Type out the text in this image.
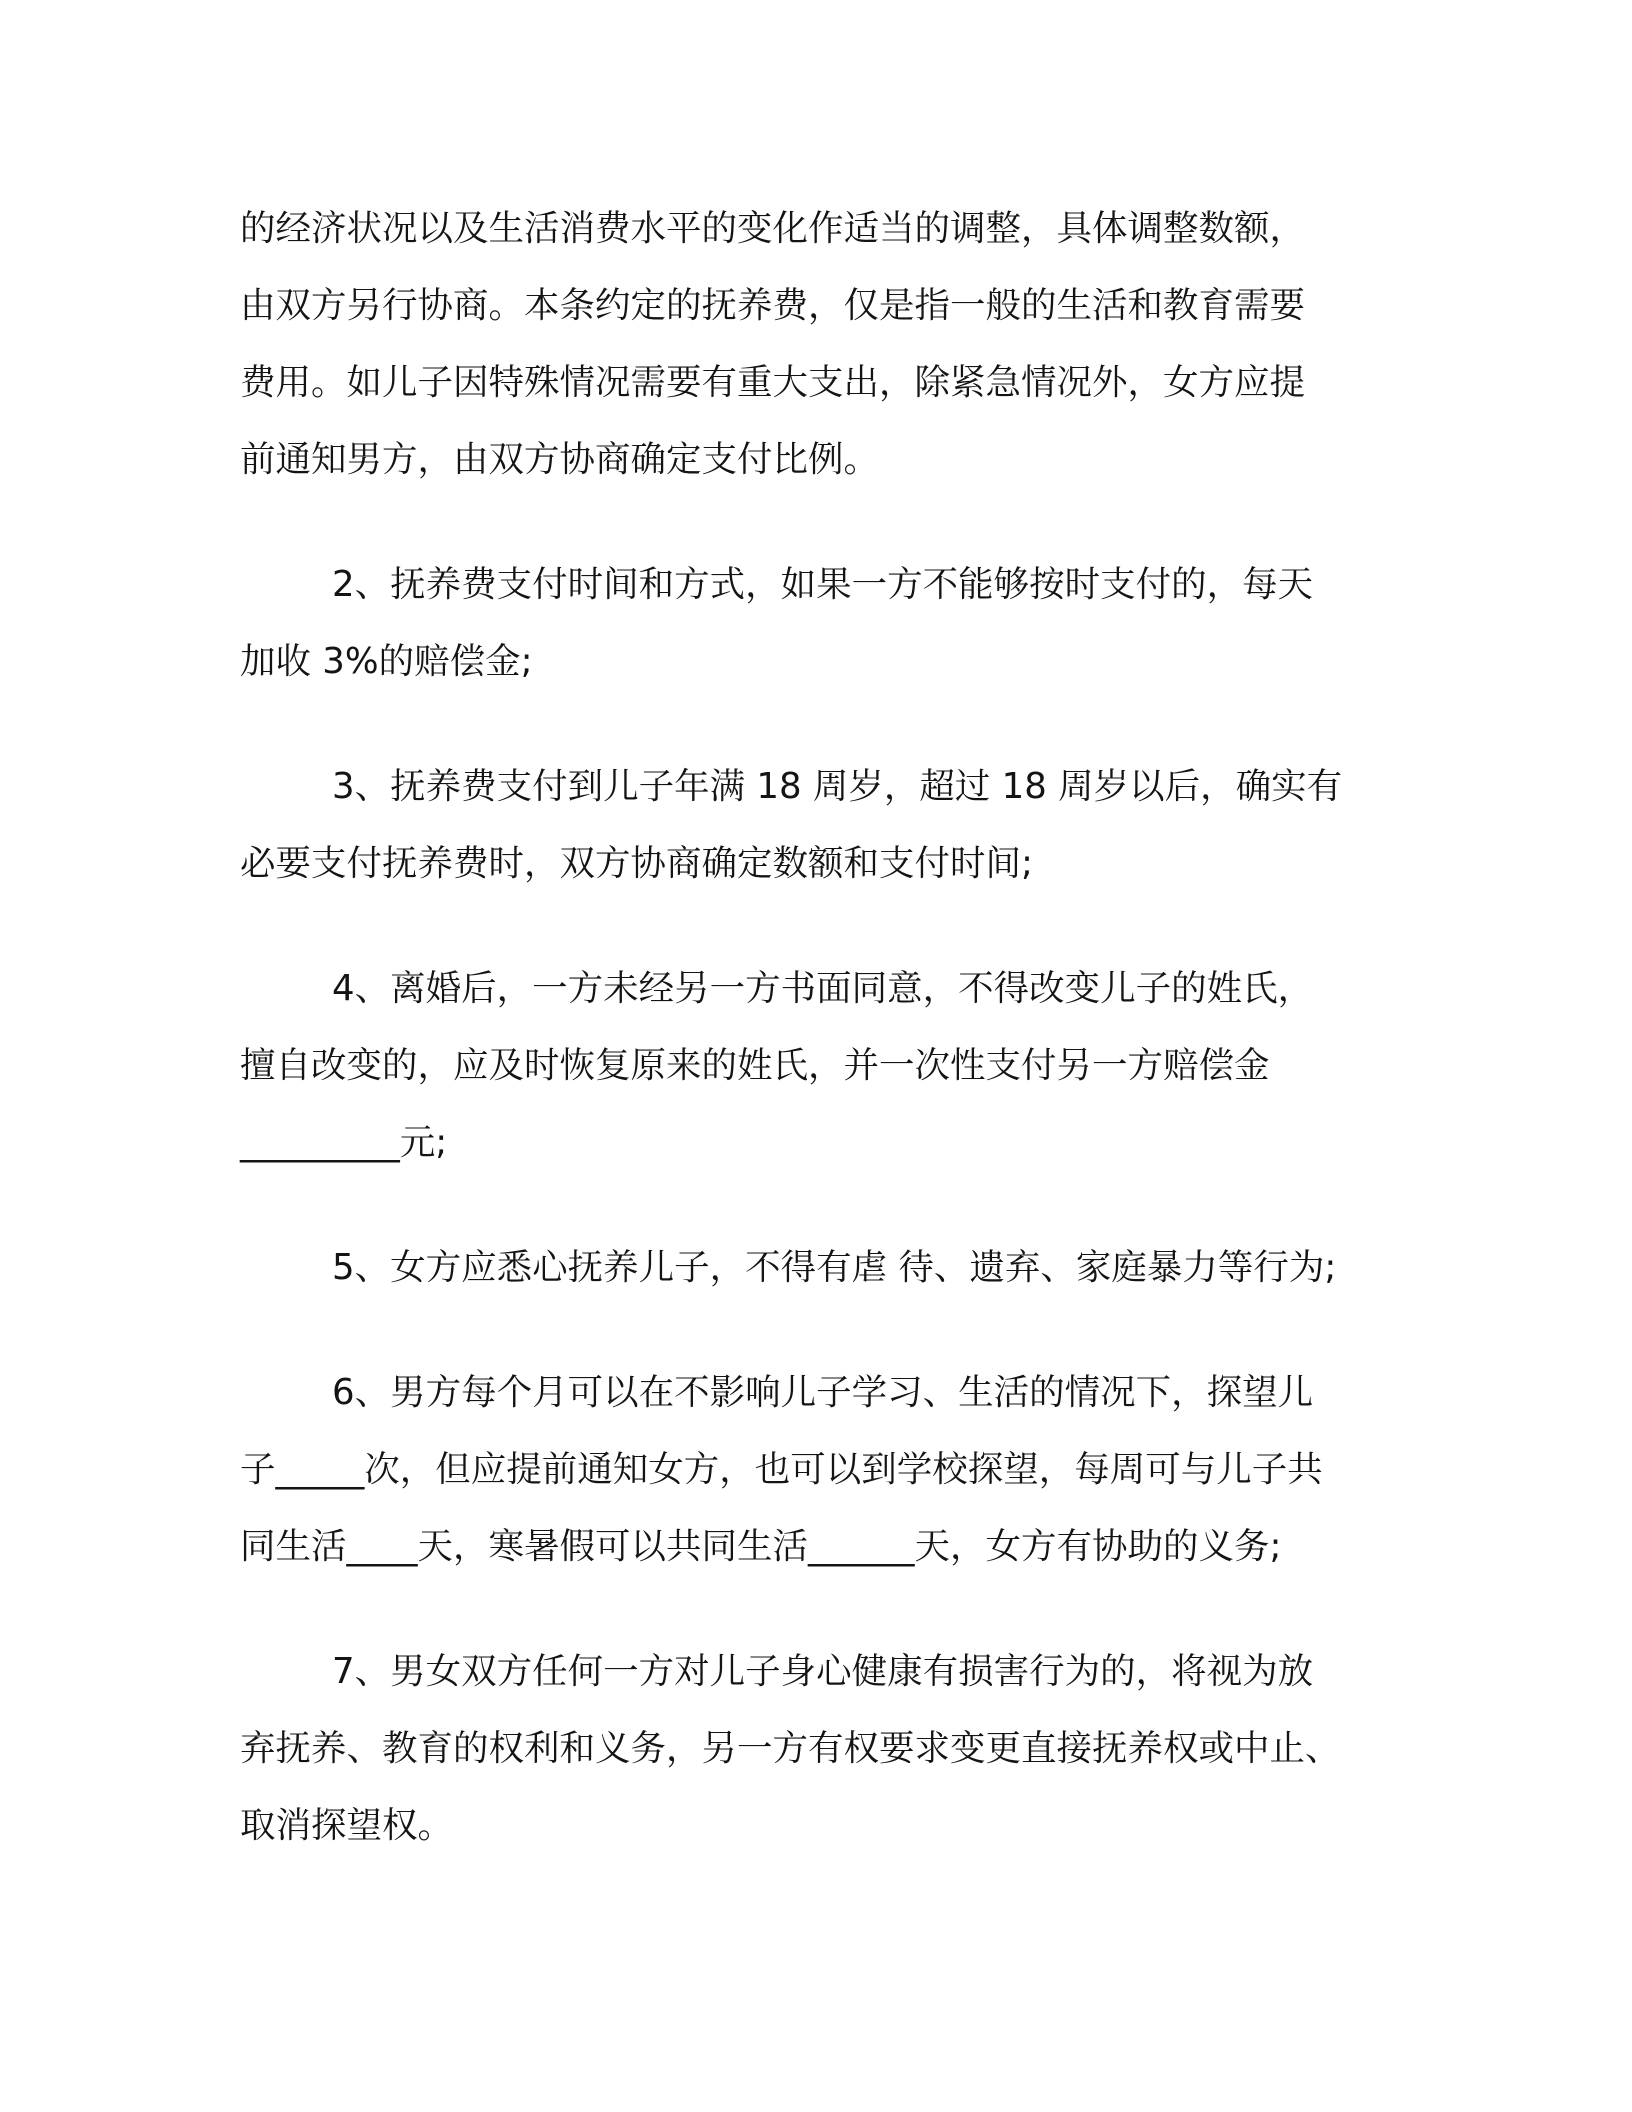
的经济状况以及生活消费水平的变化作适当的调整，具体调整数额，
由双方另行协商。本条约定的抚养费，仅是指一般的生活和教育需要
费用。如儿子因特殊情况需要有重大支出，除紧急情况外，女方应提
前通知男方，由双方协商确定支付比例。

2、抚养费支付时间和方式，如果一方不能够按时支付的，每天
加收 3%的赔偿金;

3、抚养费支付到儿子年满 18 周岁，超过 18 周岁以后，确实有
必要支付抚养费时，双方协商确定数额和支付时间;

4、离婚后，一方未经另一方书面同意，不得改变儿子的姓氏，
擅自改变的，应及时恢复原来的姓氏，并一次性支付另一方赔偿金
_________元;

5、女方应悉心抚养儿子，不得有虐 待、遗弃、家庭暴力等行为;

6、男方每个月可以在不影响儿子学习、生活的情况下，探望儿
子_____次，但应提前通知女方，也可以到学校探望，每周可与儿子共
同生活____天，寒暑假可以共同生活______天，女方有协助的义务;

7、男女双方任何一方对儿子身心健康有损害行为的，将视为放
弃抚养、教育的权利和义务，另一方有权要求变更直接抚养权或中止、
取消探望权。
